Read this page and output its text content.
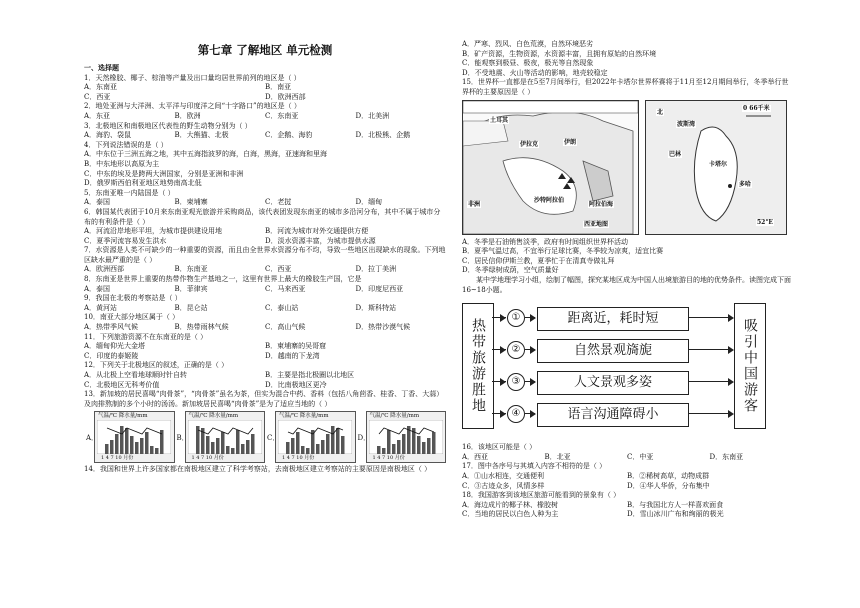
第七章 了解地区 单元检测
一、选择题
1．天然橡胶、椰子、棕油等产量及出口量均居世界前列的地区是（ ）
A．东南亚	B．南亚
C．西亚	D．欧洲西部
2．地处亚洲与大洋洲、太平洋与印度洋之间“十字路口”的地区是（ ）
A．东亚	B．欧洲	C．东南亚	D．北美洲
3．北极地区和南极地区代表性的野生动物分别为（ ）
A．海豹、袋鼠	B．大熊猫、北极	C．企鹅、海豹	D．北极熊、企鹅
4．下列说法错误的是（ ）
A．中东位于三洲五海之地，其中五海指波罗的海，白海，黑海，亚速海和里海
B．中东地形以高原为主
C．中东的埃及是跨两大洲国家，分别是亚洲和非洲
D．俄罗斯西伯利亚地区地势南高北低
5．东南亚唯一内陆国是（ ）
A．泰国	B．柬埔寨	C．老挝	D．缅甸
6．韩国某代表团于10月来东南亚观光旅游并采购商品，该代表团发现东南亚的城市多沿河分布，其中不属于城市分布的有利条件是（ ）
A．河流沿岸地形平坦，为城市提供建设用地	B．河流为城市对外交通提供方便
C．夏季河流容易发生洪水	D．淡水资源丰富，为城市提供水源
7．水资源是人类不可缺少的一种重要的资源，而且由全世界水资源分布不均，导致一些地区出现缺水的现象。下列地区缺水最严重的是（ ）
A．欧洲西部	B．东南亚	C．西亚	D．拉丁美洲
8．东南亚是世界上重要的热带作物生产基地之一，这里有世界上最大的橡胶生产国，它是
A．泰国	B．菲律宾	C．马来西亚	D．印度尼西亚
9．我国在北极的考察站是（ ）
A．黄河站	B．昆仑站	C．泰山站	D．斯科特站
10．南亚大部分地区属于（ ）
A．热带季风气候	B．热带雨林气候	C．高山气候	D．热带沙漠气候
11．下列旅游资源不在东南亚的是（ ）
A．缅甸仰光大金塔	B．柬埔寨的吴哥窟
C．印度的泰姬陵	D．越南的下龙湾
12．下列关于北极地区的叙述，正确的是（ ）
A．从北极上空看地球顺时针自转	B．主要是指北极圈以北地区
C．北极地区无科考价值	D．比南极地区更冷
13．新加坡的居民喜喝“肉骨茶”，“肉骨茶”虽名为茶，但实为混合中药、香料（包括八角茴香、桂香、丁香、大蒜）及肉排熬制的多个小时的汤汤。新加坡居民喜喝“肉骨茶”是为了适应当地的（ ）
气温/℃ 降水量/mm
1 4 7 10 月份
A．
气温/℃ 降水量/mm
1 4 7 10 月份
B．
气温/℃ 降水量/mm
1 4 7 10 月份
C．
气温/℃ 降水量/mm
1 4 7 10 月份
D．
14．我国和世界上许多国家都在南极地区建立了科学考察站，去南极地区建立考察站的主要原因是南极地区（ ）
A．严寒、烈风、白色荒漠，自然环境恶劣
B．矿产资源，生物资源，水资源丰富，且拥有原始的自然环境
C．能观察到极昼、极夜，极光等自然现象
D．不受地震、火山等活动的影响，地壳较稳定
15．世界杯一直都是在5至7月间举行，但2022年卡塔尔世界杯赛将于11月至12月期间举行，冬季举行世界杯的主要原因是（ ）
土耳其
伊拉克	伊朗
沙特阿拉伯
非洲	阿拉伯海
西亚地图
北
0 66千米
波斯湾
巴林
卡塔尔
多哈
52°E
A．冬季是石油销售淡季，政府有时间组织世界杯活动
B．夏季气温过高，不宜举行足球比赛，冬季较为凉爽，适宜比赛
C．居民信仰伊斯兰教，夏季忙于在清真寺做礼拜
D．冬季绿树成荫，空气质量好
某中学地理学习小组，绘制了幅图，探究某地区成为中国人出境旅游目的地的优势条件。读图完成下面16~18小题。
热带旅游胜地	吸引中国游客
①	距离近，耗时短
②	自然景观旖旎
③	人文景观多姿
④	语言沟通障碍小
16．该地区可能是（ ）
A．西亚	B．北亚	C．中亚	D．东南亚
17．图中各序号与其填入内容不相符的是（ ）
A．①山水相连，交通便利	B．②稀树高草，动物成群
C．③古迹众多，风情多样	D．④华人华侨，分布集中
18．我国游客到该地区旅游可能看到的景象有（ ）
A．海边成片的椰子林、橡胶树	B．与我国北方人一样喜欢面食
C．当地的居民以白色人种为主	D．雪山冰川广布和绚丽的极光
